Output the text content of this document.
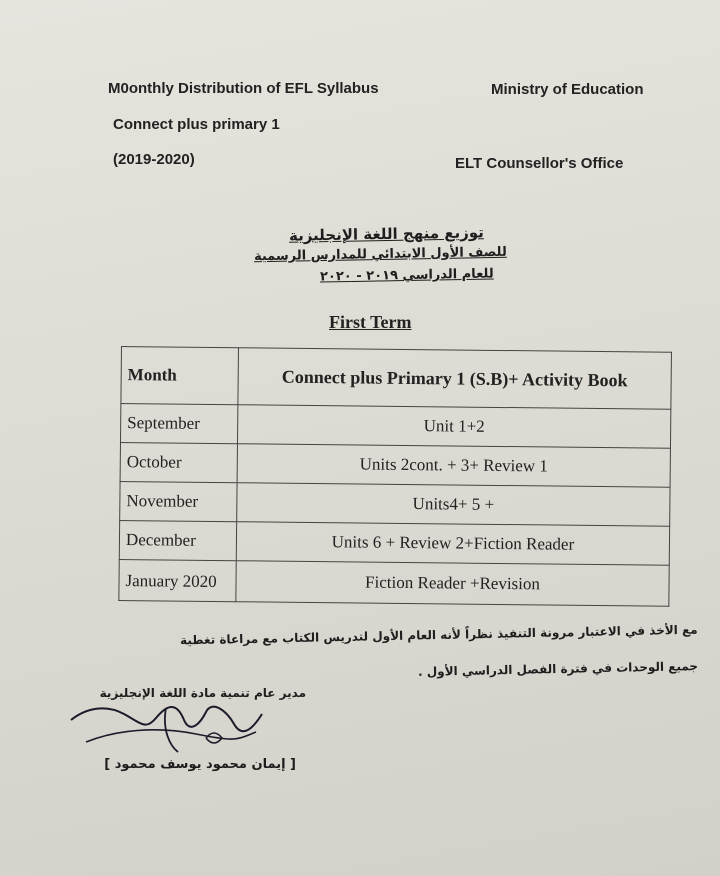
M0onthly Distribution of EFL Syllabus	Ministry of Education
Connect plus primary 1
(2019-2020)	ELT Counsellor's Office
توزيع منهج اللغة الإنجليزية
للصف الأول الابتدائي للمدارس الرسمية
للعام الدراسي ٢٠١٩ - ٢٠٢٠
First Term
Month	Connect plus Primary 1 (S.B)+ Activity Book
September	Unit 1+2
October	Units 2cont. + 3+ Review 1
November	Units4+ 5 +
December	Units 6 + Review 2+Fiction Reader
January 2020	Fiction Reader +Revision
مع الأخذ في الاعتبار مرونة التنفيذ نظراً لأنه العام الأول لتدريس الكتاب مع مراعاة تغطية
جميع الوحدات في فترة الفصل الدراسي الأول .
مدير عام تنمية مادة اللغة الإنجليزية
[ إيمان محمود يوسف محمود ]
